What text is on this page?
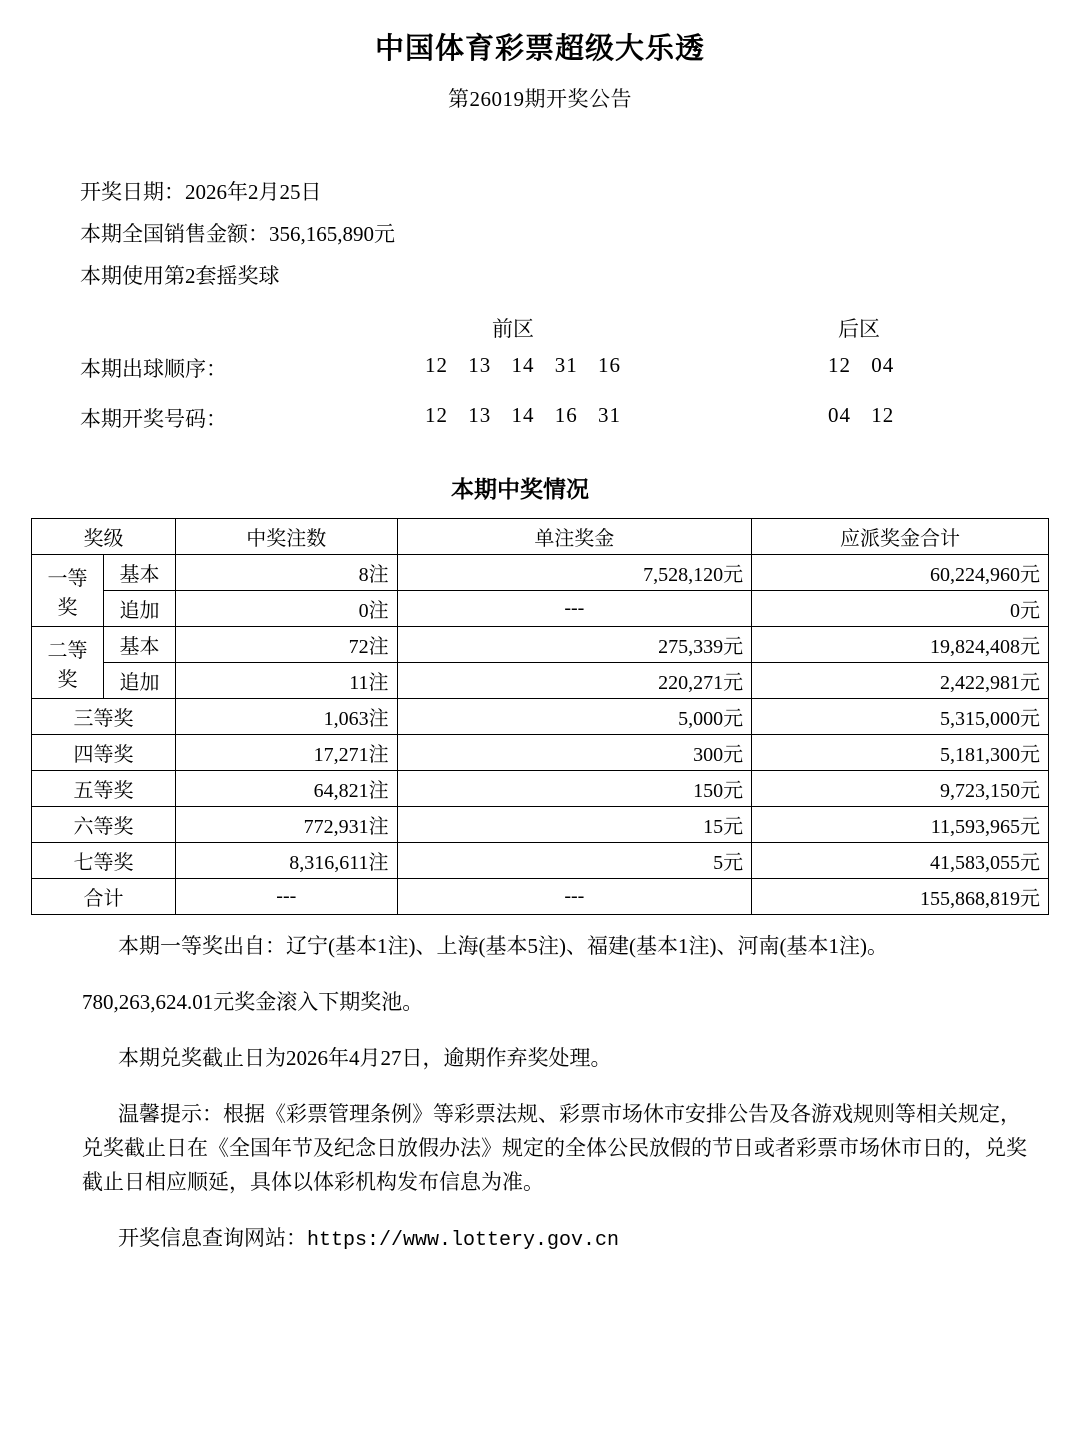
中国体育彩票超级大乐透
第26019期开奖公告
开奖日期：2026年2月25日
本期全国销售金额：356,165,890元
本期使用第2套摇奖球
前区	后区
本期出球顺序：	12 13 14 31 16	12 04
本期开奖号码：	12 13 14 16 31	04 12
本期中奖情况
奖级		中奖注数	单注奖金	应派奖金合计
一等奖	基本	8注	7,528,120元	60,224,960元
	追加	0注	---	0元
二等奖	基本	72注	275,339元	19,824,408元
	追加	11注	220,271元	2,422,981元
三等奖		1,063注	5,000元	5,315,000元
四等奖		17,271注	300元	5,181,300元
五等奖		64,821注	150元	9,723,150元
六等奖		772,931注	15元	11,593,965元
七等奖		8,316,611注	5元	41,583,055元
合计		---	---	155,868,819元

本期一等奖出自：辽宁(基本1注)、上海(基本5注)、福建(基本1注)、河南(基本1注)。

780,263,624.01元奖金滚入下期奖池。

本期兑奖截止日为2026年4月27日，逾期作弃奖处理。

温馨提示：根据《彩票管理条例》等彩票法规、彩票市场休市安排公告及各游戏规则等相关规定，兑奖截止日在《全国年节及纪念日放假办法》规定的全体公民放假的节日或者彩票市场休市日的，兑奖截止日相应顺延，具体以体彩机构发布信息为准。

开奖信息查询网站：https://www.lottery.gov.cn
